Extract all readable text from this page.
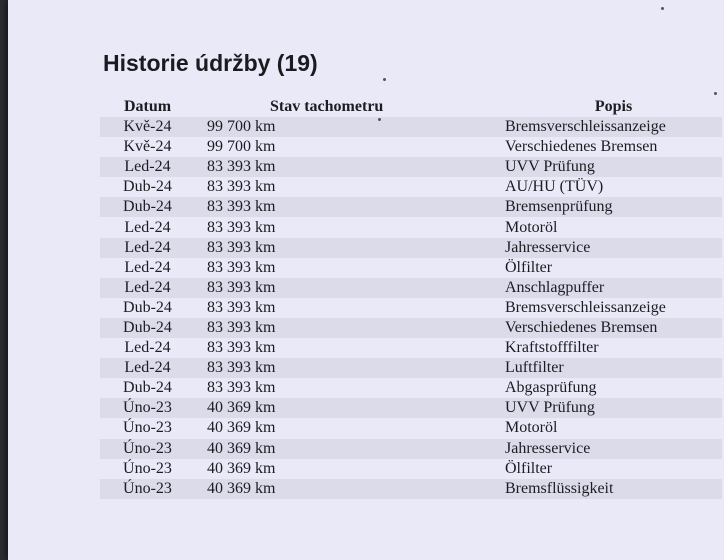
Historie údržby (19)
Datum	Stav tachometru	Popis
Kvě-24	99 700 km	Bremsverschleissanzeige
Kvě-24	99 700 km	Verschiedenes Bremsen
Led-24	83 393 km	UVV Prüfung
Dub-24	83 393 km	AU/HU (TÜV)
Dub-24	83 393 km	Bremsenprüfung
Led-24	83 393 km	Motoröl
Led-24	83 393 km	Jahresservice
Led-24	83 393 km	Ölfilter
Led-24	83 393 km	Anschlagpuffer
Dub-24	83 393 km	Bremsverschleissanzeige
Dub-24	83 393 km	Verschiedenes Bremsen
Led-24	83 393 km	Kraftstofffilter
Led-24	83 393 km	Luftfilter
Dub-24	83 393 km	Abgasprüfung
Úno-23	40 369 km	UVV Prüfung
Úno-23	40 369 km	Motoröl
Úno-23	40 369 km	Jahresservice
Úno-23	40 369 km	Ölfilter
Úno-23	40 369 km	Bremsflüssigkeit
